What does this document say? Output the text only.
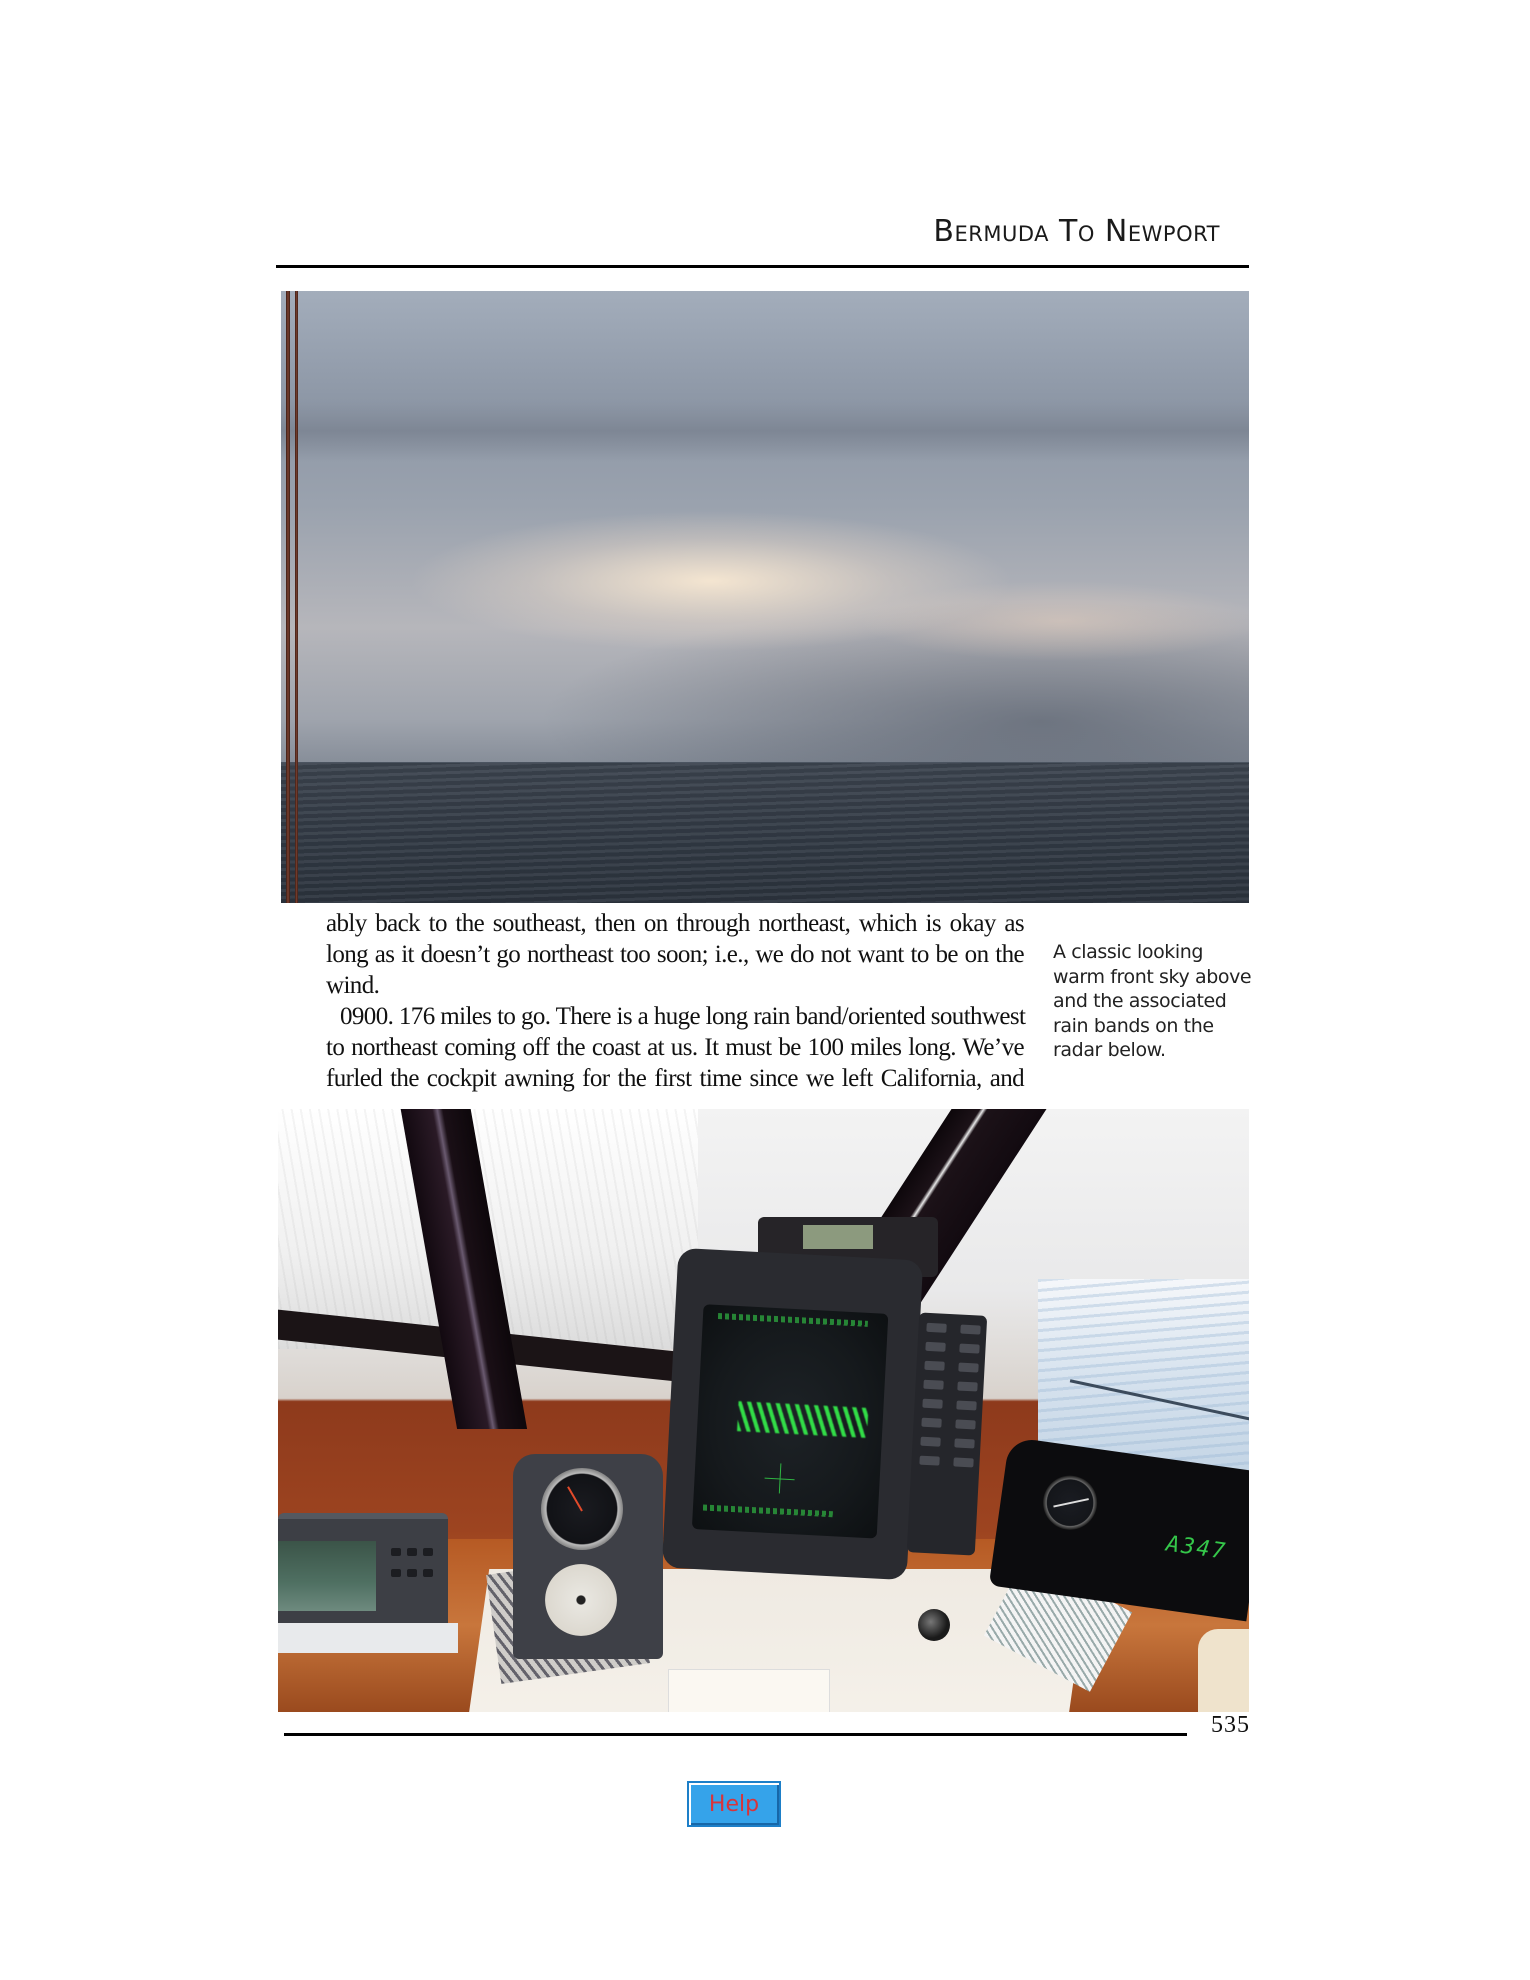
Bermuda To Newport

ably back to the southeast, then on through northeast, which is okay as
long as it doesn’t go northeast too soon; i.e., we do not want to be on the
wind.

0900. 176 miles to go. There is a huge long rain band/oriented southwest
to northeast coming off the coast at us. It must be 100 miles long. We’ve
furled the cockpit awning for the first time since we left California, and

A classic looking
warm front sky above
and the associated
rain bands on the
radar below.
A347
535
Help
